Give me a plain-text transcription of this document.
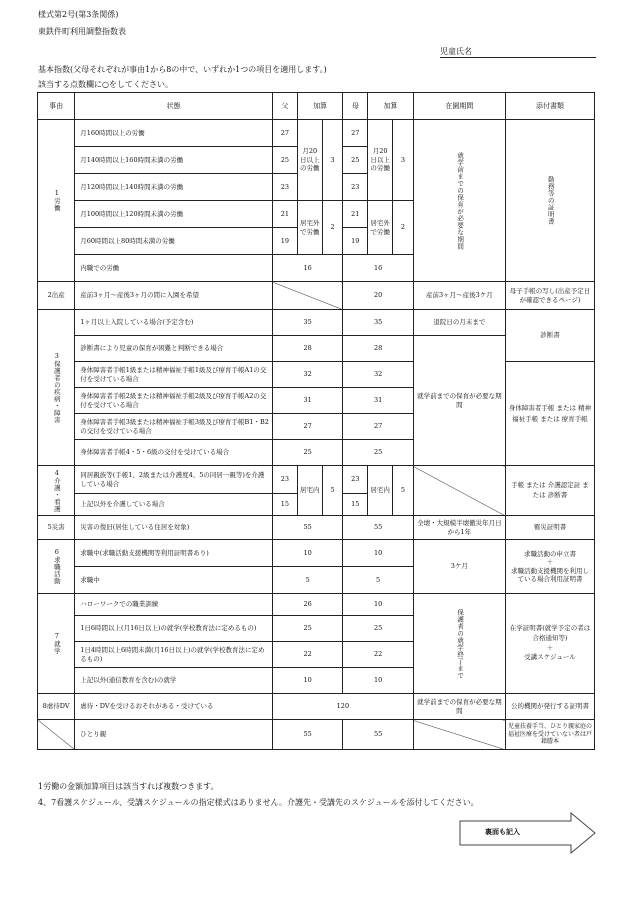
様式第2号(第3条関係)
東鉄件町利用調整指数表
児童氏名
基本指数(父母それぞれが事由1から8の中で、いずれか1つの項目を適用します。)
該当する点数欄に○をしてください。
事由	状態	父	加算		母	加算		在園期間	添付書類

1労働	月160時間以上の労働	27	月20日以上の労働	3	27	月20日以上の労働	3	就学前までの保育が必要な期間	勤務等の証明書

	月140時間以上160時間未満の労働	25			25				
	月120時間以上140時間未満の労働	23			23				
	月100時間以上120時間未満の労働	21	居宅外で労働	2	21	居宅外で労働	2		
	月60時間以上80時間未満の労働	19			19				
	内職での労働	16			16				
2出産	産前3ヶ月～産後3ヶ月の間に入園を希望				20			産前3ヶ月～産後3ケ月	母子手帳の写し(出産予定日が確認できるページ)

3保護者の疾病・障害	1ヶ月以上入院している場合(予定含む)	35			35			退院日の月末まで	診断書
	診断書により児童の保育が困難と判断できる場合	28			28			就学前までの保育が必要な期間	
	身体障害者手帳1級または精神福祉手帳1級及び療育手帳A1の交付を受けている場合	32			32				身体障害者手帳 または 精神福祉手帳 または 療育手帳
	身体障害者手帳2級または精神福祉手帳2級及び療育手帳A2の交付を受けている場合	31			31				
	身体障害者手帳3級または精神福祉手帳3級及び療育手帳B1・B2の交付を受けている場合	27			27				
	身体障害者手帳4・5・6級の交付を受けている場合	25			25				

4介護・看護	同居親族等(手帳1、2級または介護度4、5の同居一親等)を介護している場合	23	居宅内	5	23	居宅内	5		手帳 または 介護認定証 または 診断書
	上記以外を介護している場合	15			15				
5災害	災害の復旧(居住している住居を対象)	55			55			全壊・大規模半壊撤災年月日から1年	罹災証明書

6求職活動	求職中(求職活動支援機関等利用証明書あり)	10			10			3ケ月	求職活動の申立書
＋
求職活動支援機関を利用している場合利用証明書

	求職中	5			5				

7就学	ハローワークでの職業訓練	26			10			保護者の就学終了まで	在学証明書(就学予定の者は合格通知等)
＋
受講スケジュール

	1日6時間以上(月16日以上)の就学(学校教育法に定めるもの)	25			25				
	1日4時間以上6時間未満(月16日以上)の就学(学校教育法に定めるもの)	22			22				
	上記以外(通信教育を含む)の就学	10			10				
8虐待DV	虐待・DVを受けるおそれがある・受けている	120						就学前までの保育が必要な期間	公的機関が発行する証明書
	ひとり親	55			55				児童扶養手当、ひとり親家庭の福祉医療を受けていない者は戸籍謄本
1労働の金額加算項目は該当すれば複数つきます。
4、7看護スケジュール、受講スケジュールの指定様式はありません。介護先・受講先のスケジュールを添付してください。
裏面も記入
